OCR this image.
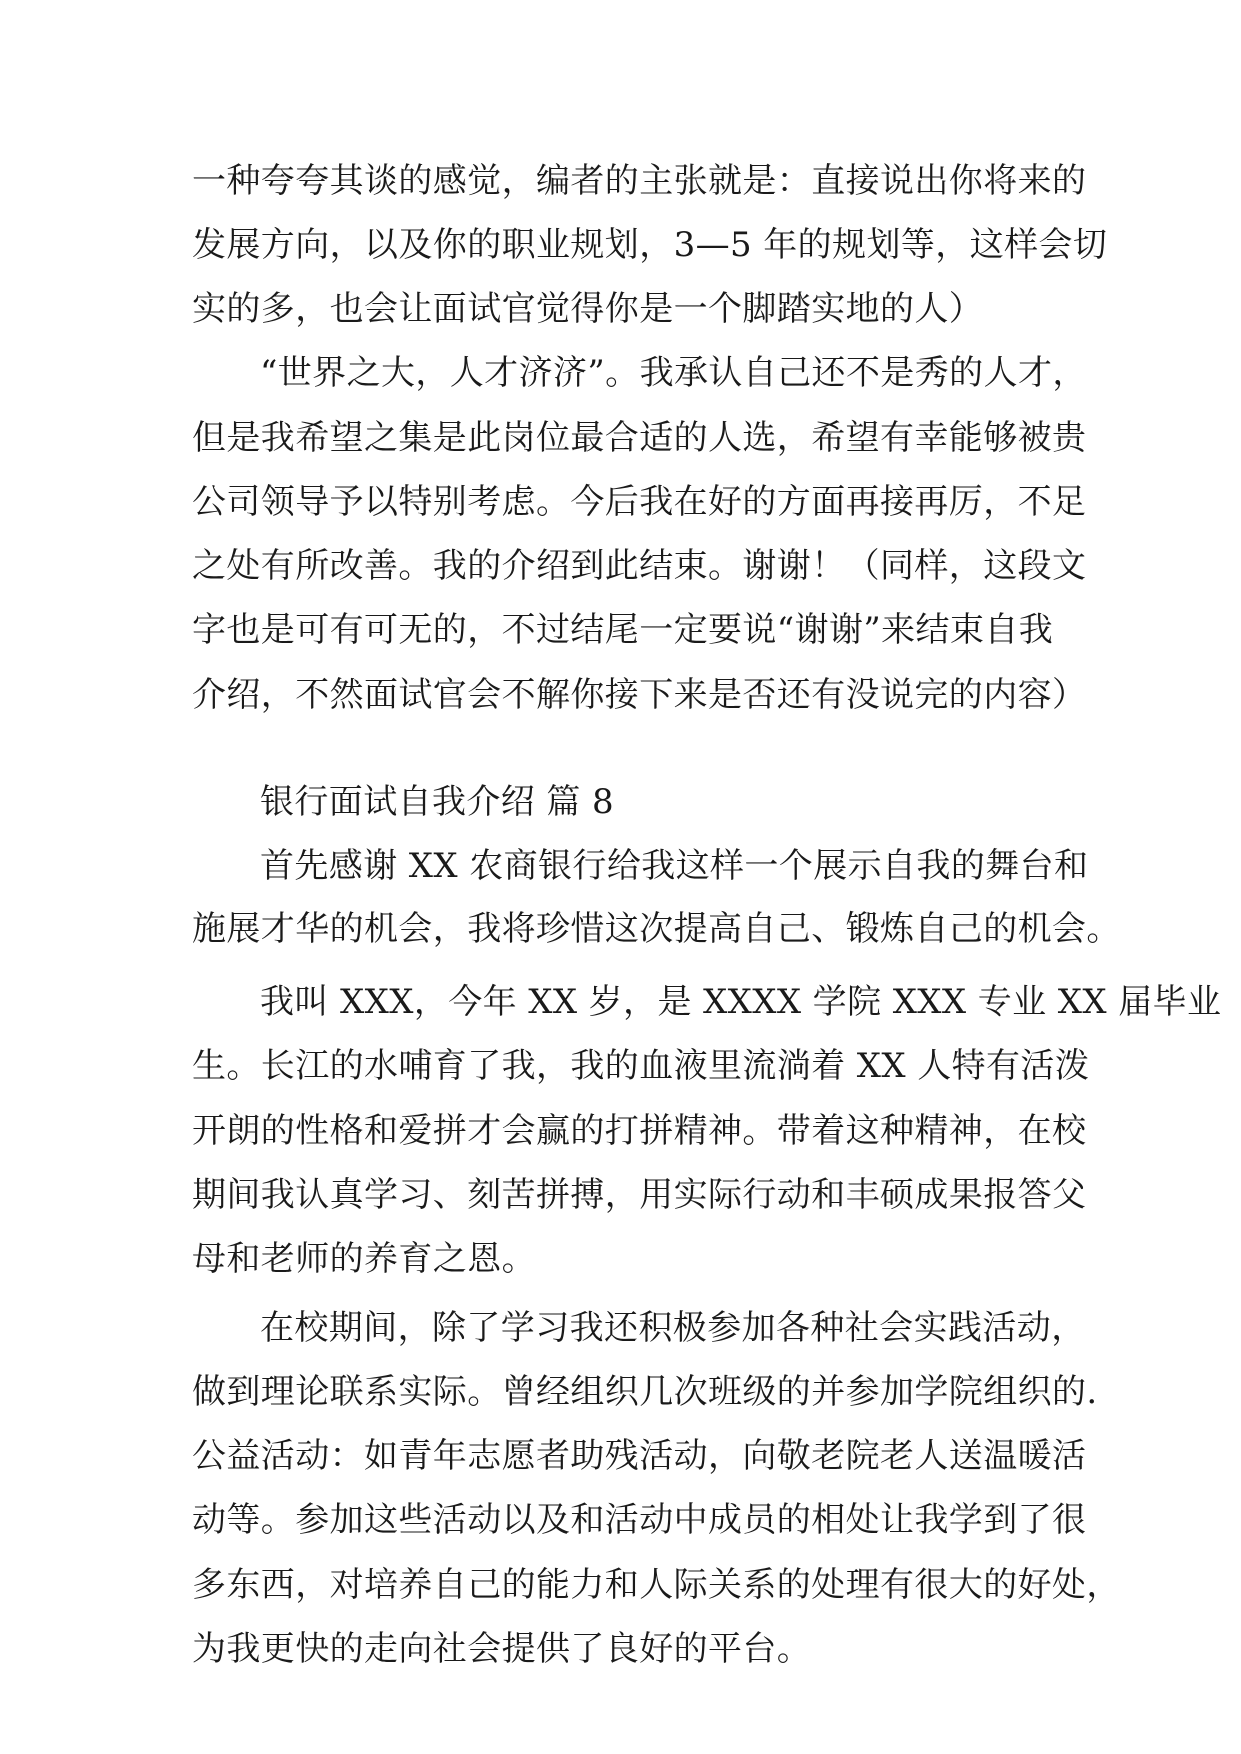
一种夸夸其谈的感觉，编者的主张就是：直接说出你将来的
发展方向，以及你的职业规划，3—5 年的规划等，这样会切
实的多，也会让面试官觉得你是一个脚踏实地的人）
“世界之大，人才济济”。我承认自己还不是秀的人才，
但是我希望之集是此岗位最合适的人选，希望有幸能够被贵
公司领导予以特别考虑。今后我在好的方面再接再厉，不足
之处有所改善。我的介绍到此结束。谢谢！（同样，这段文
字也是可有可无的，不过结尾一定要说“谢谢”来结束自我
介绍，不然面试官会不解你接下来是否还有没说完的内容）
银行面试自我介绍 篇 8
首先感谢 XX 农商银行给我这样一个展示自我的舞台和
施展才华的机会，我将珍惜这次提高自己、锻炼自己的机会。
我叫 XXX，今年 XX 岁，是 XXXX 学院 XXX 专业 XX 届毕业
生。长江的水哺育了我，我的血液里流淌着 XX 人特有活泼
开朗的性格和爱拼才会赢的打拼精神。带着这种精神，在校
期间我认真学习、刻苦拼搏，用实际行动和丰硕成果报答父
母和老师的养育之恩。
在校期间，除了学习我还积极参加各种社会实践活动，
做到理论联系实际。曾经组织几次班级的并参加学院组织的.
公益活动：如青年志愿者助残活动，向敬老院老人送温暖活
动等。参加这些活动以及和活动中成员的相处让我学到了很
多东西，对培养自己的能力和人际关系的处理有很大的好处，
为我更快的走向社会提供了良好的平台。
